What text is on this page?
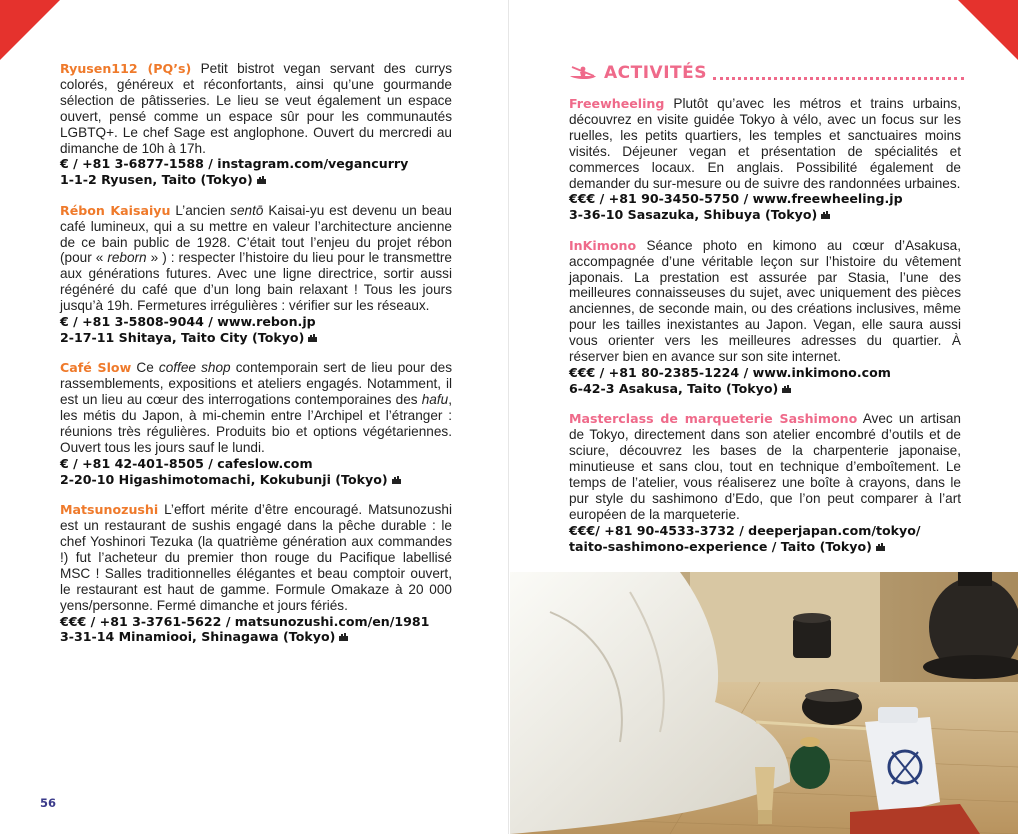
Ryusen112 (PQ’s) Petit bistrot vegan servant des currys colorés, généreux et réconfortants, ainsi qu’une gourmande sélection de pâtisseries. Le lieu se veut également un espace ouvert, pensé comme un espace sûr pour les communautés LGBTQ+. Le chef Sage est anglophone. Ouvert du mercredi au dimanche de 10h à 17h.

€ / +81 3-6877-1588 / instagram.com/vegancurry

1-1-2 Ryusen, Taito (Tokyo)

Rébon Kaisaiyu L’ancien sentō Kaisai-yu est devenu un beau café lumineux, qui a su mettre en valeur l’architecture ancienne de ce bain public de 1928. C’était tout l’enjeu du projet rébon (pour « reborn » ) : respecter l’histoire du lieu pour le transmettre aux générations futures. Avec une ligne directrice, sortir aussi régénéré du café que d’un long bain relaxant ! Tous les jours jusqu’à 19h. Fermetures irrégulières : vérifier sur les réseaux.

€ / +81 3-5808-9044 / www.rebon.jp

2-17-11 Shitaya, Taito City (Tokyo)

Café Slow Ce coffee shop contemporain sert de lieu pour des rassemblements, expositions et ateliers engagés. Notamment, il est un lieu au cœur des interrogations contemporaines des hafu, les métis du Japon, à mi-chemin entre l’Archipel et l’étranger : réunions très régulières. Produits bio et options végétariennes. Ouvert tous les jours sauf le lundi.

€ / +81 42-401-8505 / cafeslow.com

2-20-10 Higashimotomachi, Kokubunji (Tokyo)

Matsunozushi L’effort mérite d’être encouragé. Matsunozushi est un restaurant de sushis engagé dans la pêche durable : le chef Yoshinori Tezuka (la quatrième génération aux commandes !) fut l’acheteur du premier thon rouge du Pacifique labellisé MSC ! Salles traditionnelles élégantes et beau comptoir ouvert, le restaurant est haut de gamme. Formule Omakaze à 20 000 yens/personne. Fermé dimanche et jours fériés.

€€€ / +81 3-3761-5622 / matsunozushi.com/en/1981

3-31-14 Minamiooi, Shinagawa (Tokyo)

ACTIVITÉS

Freewheeling Plutôt qu’avec les métros et trains urbains, découvrez en visite guidée Tokyo à vélo, avec un focus sur les ruelles, les petits quartiers, les temples et sanctuaires moins visités. Déjeuner vegan et présentation de spécialités et commerces locaux. En anglais. Possibilité également de demander du sur-mesure ou de suivre des randonnées urbaines.

€€€ / +81 90-3450-5750 / www.freewheeling.jp

3-36-10 Sasazuka, Shibuya (Tokyo)

InKimono Séance photo en kimono au cœur d’Asakusa, accompagnée d’une véritable leçon sur l’histoire du vêtement japonais. La prestation est assurée par Stasia, l’une des meilleures connaisseuses du sujet, avec uniquement des pièces anciennes, de seconde main, ou des créations inclusives, même pour les tailles inexistantes au Japon. Vegan, elle saura aussi vous orienter vers les meilleures adresses du quartier. À réserver bien en avance sur son site internet.

€€€ / +81 80-2385-1224 / www.inkimono.com

6-42-3 Asakusa, Taito (Tokyo)

Masterclass de marqueterie Sashimono Avec un artisan de Tokyo, directement dans son atelier encombré d’outils et de sciure, découvrez les bases de la charpenterie japonaise, minutieuse et sans clou, tout en technique d’emboîtement. Le temps de l’atelier, vous réaliserez une boîte à crayons, dans le pur style du sashimono d’Edo, que l’on peut comparer à l’art européen de la marqueterie.

€€€/ +81 90-4533-3732 / deeperjapan.com/tokyo/

taito-sashimono-experience / Taito (Tokyo)

56
